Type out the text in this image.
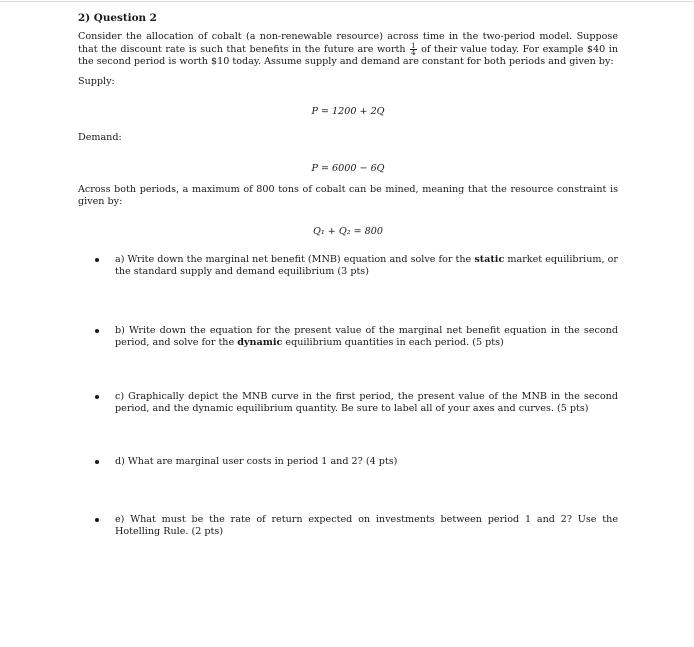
2) Question 2

Consider the allocation of cobalt (a non-renewable resource) across time in the two-period model. Suppose that the discount rate is such that benefits in the future are worth $\frac{1}{4}$ of their value today. For example $40 in the second period is worth $10 today. Assume supply and demand are constant for both periods and given by:

Supply:

P = 1200 + 2Q

Demand:

P = 6000 − 6Q

Across both periods, a maximum of 800 tons of cobalt can be mined, meaning that the resource constraint is given by:

Q₁ + Q₂ = 800

a) Write down the marginal net benefit (MNB) equation and solve for the static market equilibrium, or the standard supply and demand equilibrium (3 pts)
b) Write down the equation for the present value of the marginal net benefit equation in the second period, and solve for the dynamic equilibrium quantities in each period. (5 pts)
c) Graphically depict the MNB curve in the first period, the present value of the MNB in the second period, and the dynamic equilibrium quantity. Be sure to label all of your axes and curves. (5 pts)
d) What are marginal user costs in period 1 and 2? (4 pts)
e) What must be the rate of return expected on investments between period 1 and 2? Use the Hotelling Rule. (2 pts)
